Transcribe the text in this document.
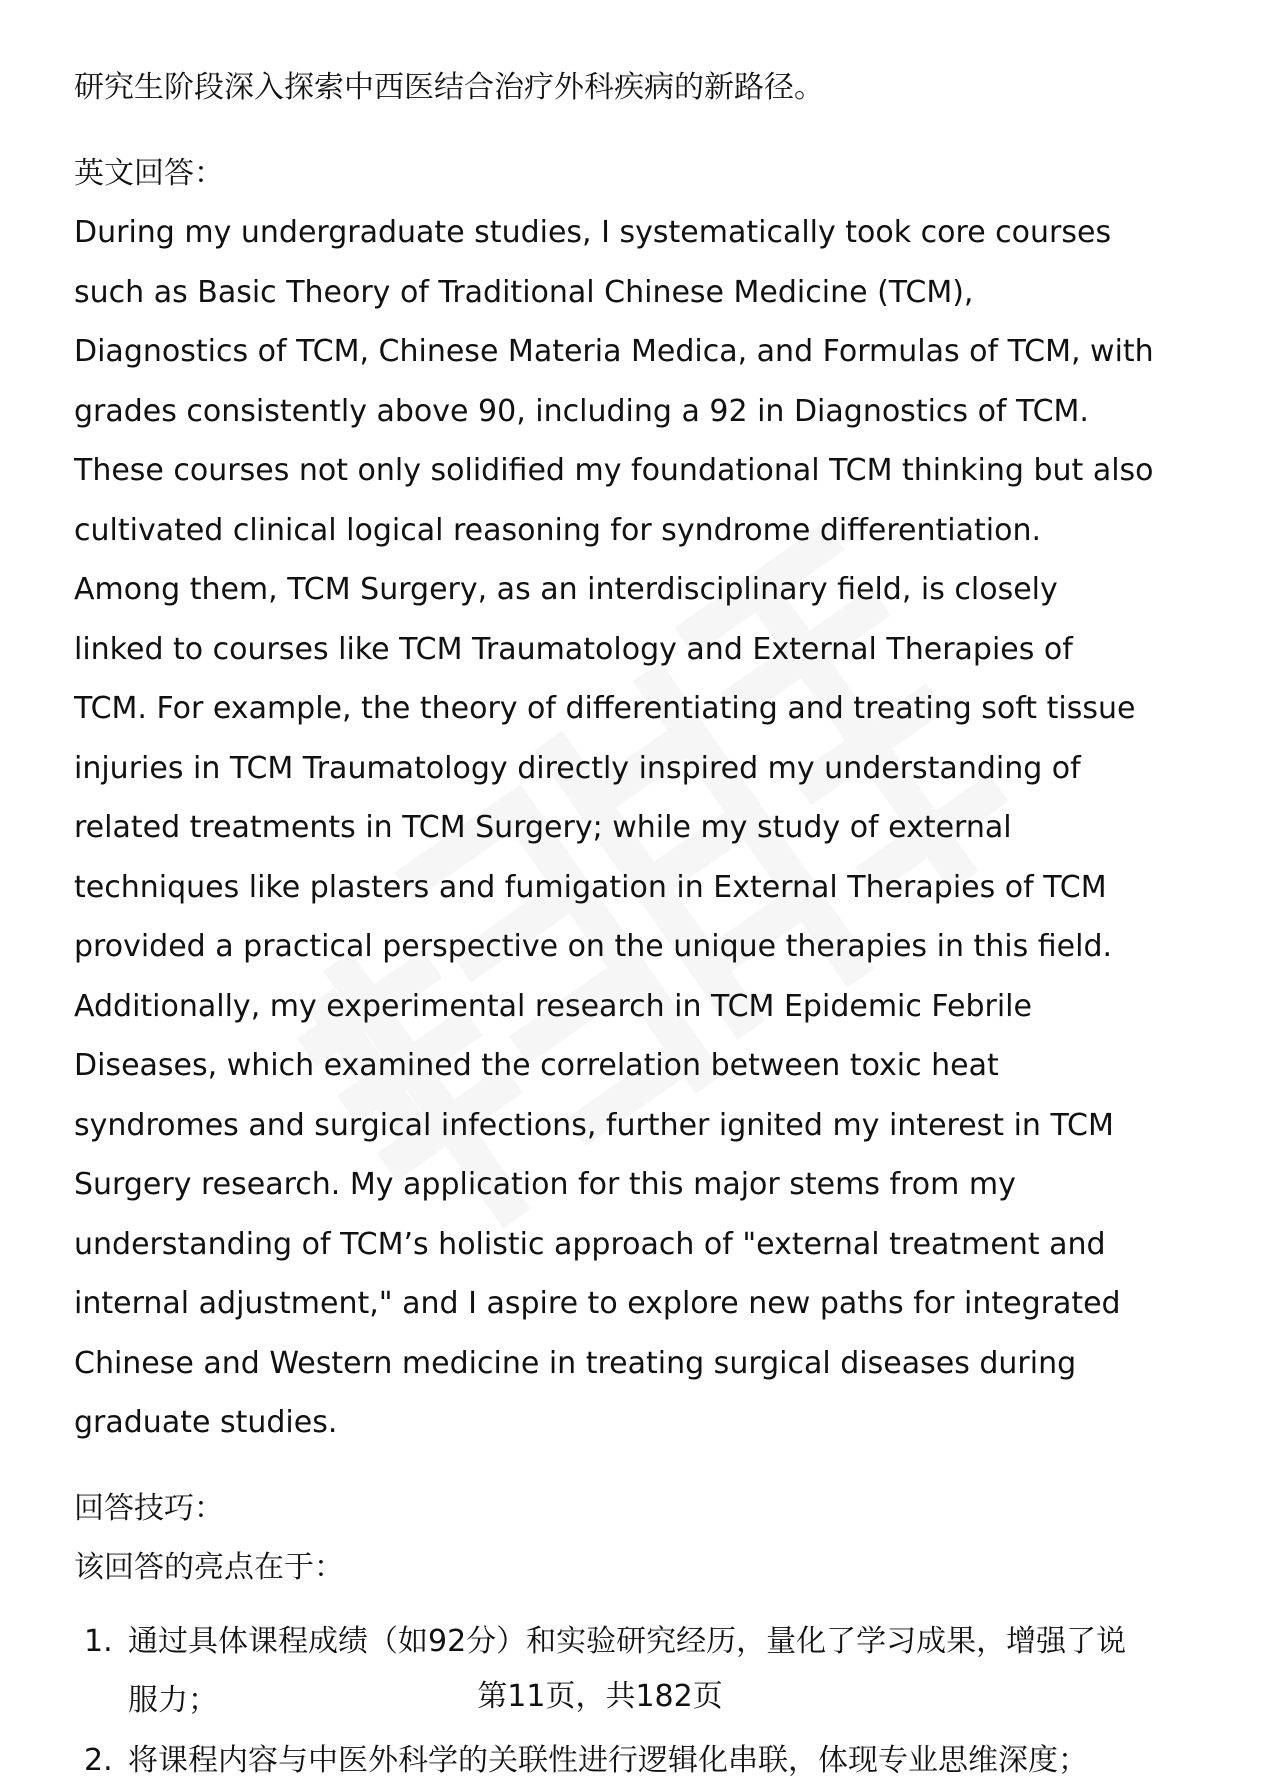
研究生阶段深入探索中西医结合治疗外科疾病的新路径。

英文回答：

During my undergraduate studies, I systematically took core courses such as Basic Theory of Traditional Chinese Medicine (TCM), Diagnostics of TCM, Chinese Materia Medica, and Formulas of TCM, with grades consistently above 90, including a 92 in Diagnostics of TCM. These courses not only solidified my foundational TCM thinking but also cultivated clinical logical reasoning for syndrome differentiation. Among them, TCM Surgery, as an interdisciplinary field, is closely linked to courses like TCM Traumatology and External Therapies of TCM. For example, the theory of differentiating and treating soft tissue injuries in TCM Traumatology directly inspired my understanding of related treatments in TCM Surgery; while my study of external techniques like plasters and fumigation in External Therapies of TCM provided a practical perspective on the unique therapies in this field. Additionally, my experimental research in TCM Epidemic Febrile Diseases, which examined the correlation between toxic heat syndromes and surgical infections, further ignited my interest in TCM Surgery research. My application for this major stems from my understanding of TCM’s holistic approach of "external treatment and internal adjustment," and I aspire to explore new paths for integrated Chinese and Western medicine in treating surgical diseases during graduate studies.

回答技巧：

该回答的亮点在于：

1. 通过具体课程成绩（如92分）和实验研究经历，量化了学习成果，增强了说服力；
2. 将课程内容与中医外科学的关联性进行逻辑化串联，体现专业思维深度；
第11页，共182页
